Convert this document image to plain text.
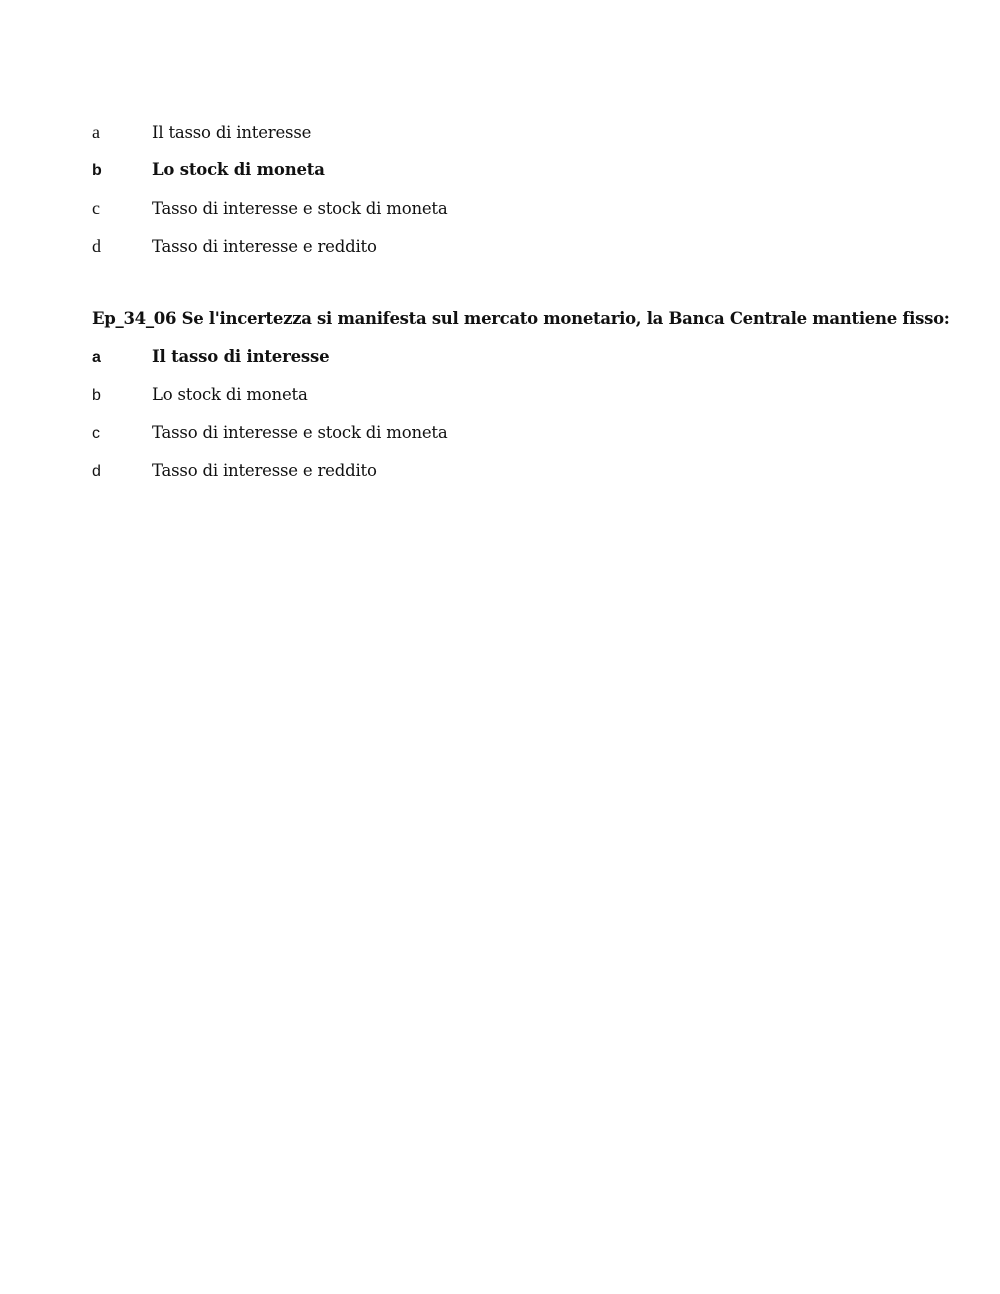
a	Il tasso di interesse
b	Lo stock di moneta
c	Tasso di interesse e stock di moneta
d	Tasso di interesse e reddito
Ep_34_06 Se l'incertezza si manifesta sul mercato monetario, la Banca Centrale mantiene fisso:
a	Il tasso di interesse
b	Lo stock di moneta
c	Tasso di interesse e stock di moneta
d	Tasso di interesse e reddito
